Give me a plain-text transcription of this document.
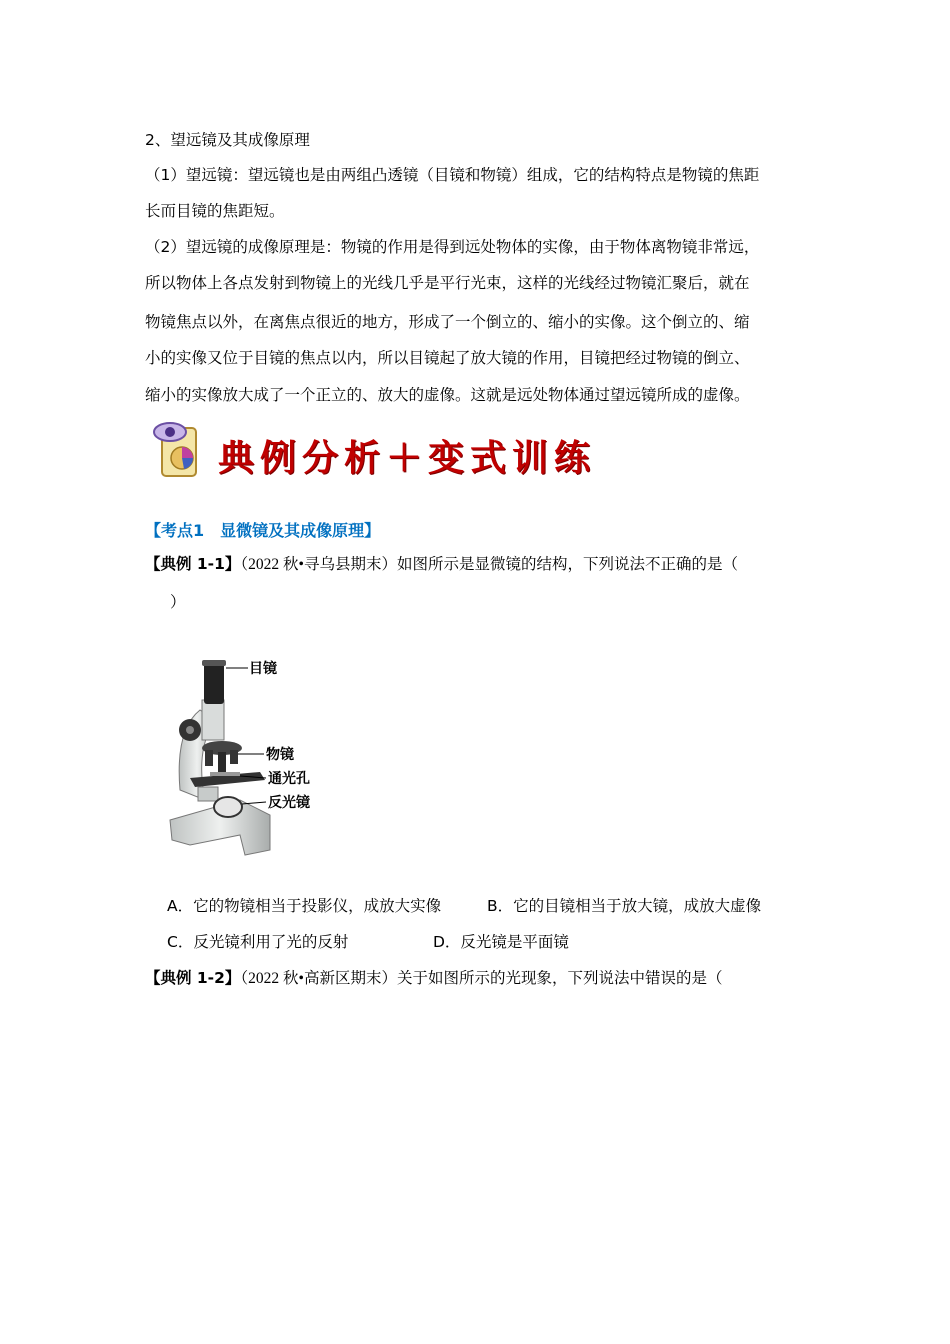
2、望远镜及其成像原理
（1）望远镜：望远镜也是由两组凸透镜（目镜和物镜）组成，它的结构特点是物镜的焦距
长而目镜的焦距短。
（2）望远镜的成像原理是：物镜的作用是得到远处物体的实像，由于物体离物镜非常远，
所以物体上各点发射到物镜上的光线几乎是平行光束，这样的光线经过物镜汇聚后，就在
物镜焦点以外，在离焦点很近的地方，形成了一个倒立的、缩小的实像。这个倒立的、缩
小的实像又位于目镜的焦点以内，所以目镜起了放大镜的作用，目镜把经过物镜的倒立、
缩小的实像放大成了一个正立的、放大的虚像。这就是远处物体通过望远镜所成的虚像。
典例分析＋变式训练
【考点1　显微镜及其成像原理】
【典例 1-1】（2022 秋•寻乌县期末）如图所示是显微镜的结构，下列说法不正确的是（
）
目镜
物镜
通光孔
反光镜
A．它的物镜相当于投影仪，成放大实像	B．它的目镜相当于放大镜，成放大虚像
C．反光镜利用了光的反射	D．反光镜是平面镜
【典例 1-2】（2022 秋•高新区期末）关于如图所示的光现象，下列说法中错误的是（
